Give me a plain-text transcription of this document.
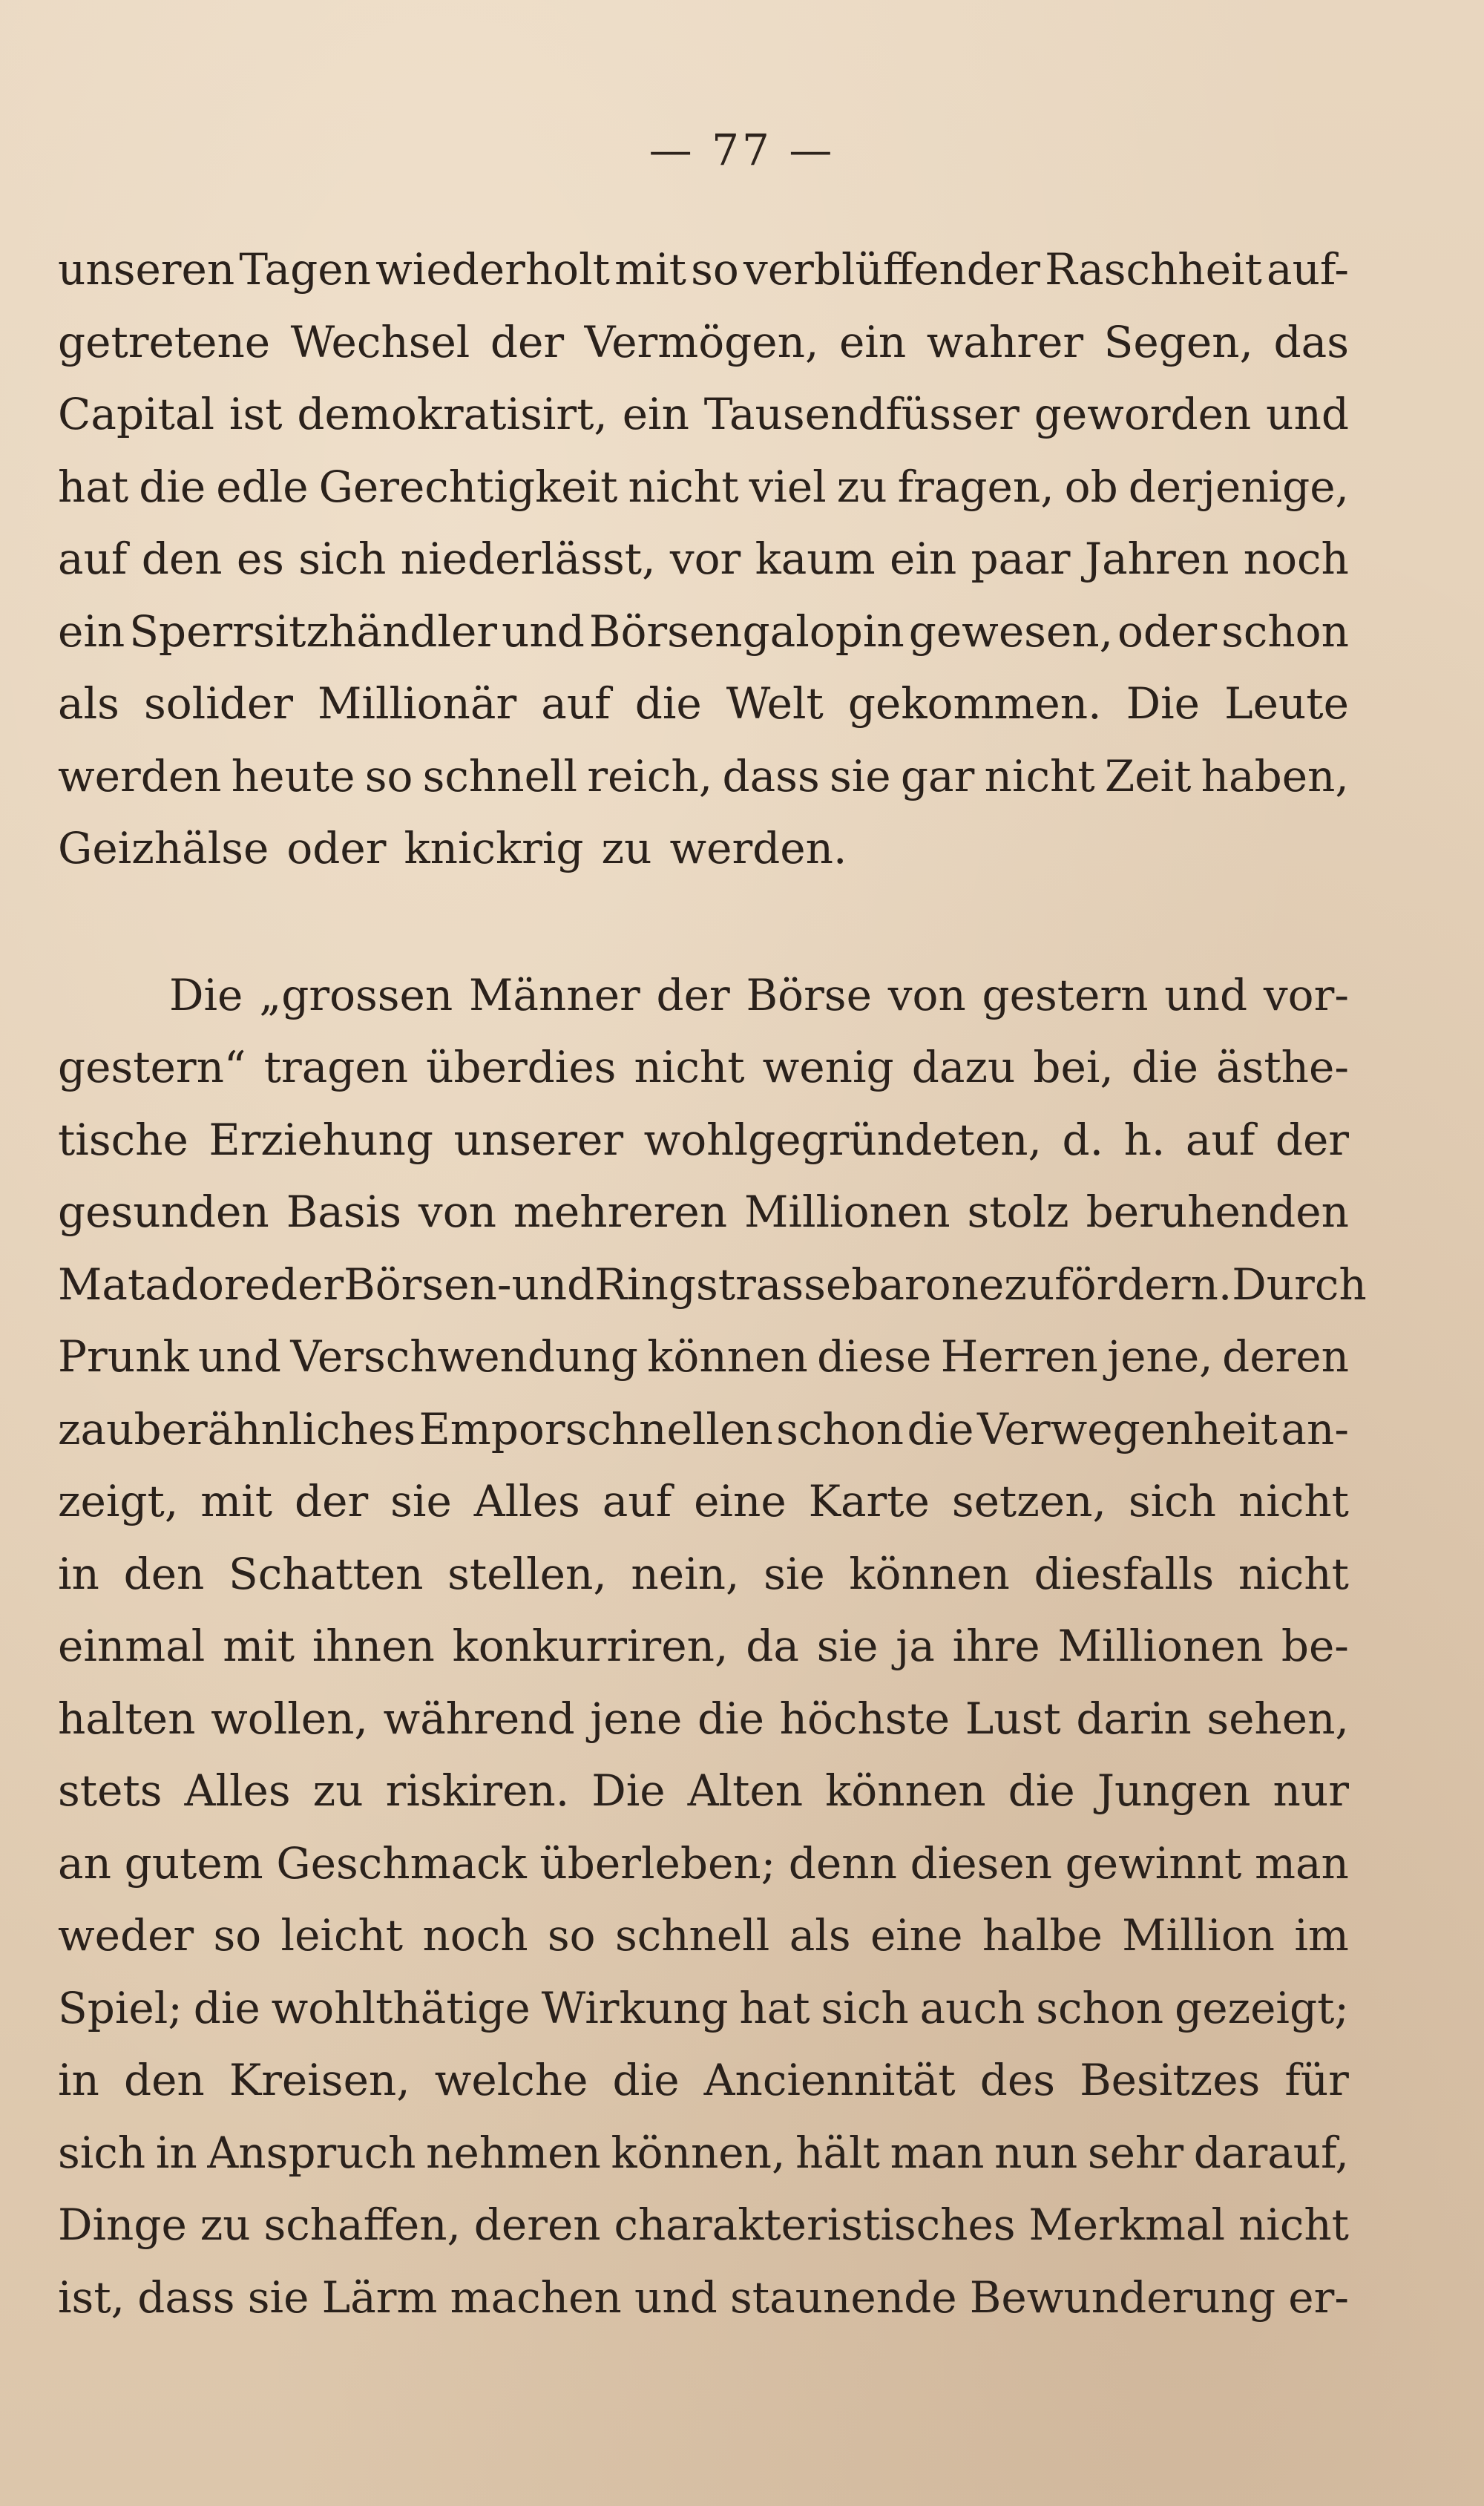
— 77 —
unseren Tagen wiederholt mit so verblüffender Raschheit auf-
getretene Wechsel der Vermögen, ein wahrer Segen, das
Capital ist demokratisirt, ein Tausendfüsser geworden und
hat die edle Gerechtigkeit nicht viel zu fragen, ob derjenige,
auf den es sich niederlässt, vor kaum ein paar Jahren noch
ein Sperrsitzhändler und Börsengalopin gewesen, oder schon
als solider Millionär auf die Welt gekommen. Die Leute
werden heute so schnell reich, dass sie gar nicht Zeit haben,
Geizhälse oder knickrig zu werden.
Die „grossen Männer der Börse von gestern und vor-
gestern“ tragen überdies nicht wenig dazu bei, die ästhe-
tische Erziehung unserer wohlgegründeten, d. h. auf der
gesunden Basis von mehreren Millionen stolz beruhenden
Matadore der Börsen- und Ringstrassebarone zu fördern. Durch
Prunk und Verschwendung können diese Herren jene, deren
zauberähnliches Emporschnellen schon die Verwegenheit an-
zeigt, mit der sie Alles auf eine Karte setzen, sich nicht
in den Schatten stellen, nein, sie können diesfalls nicht
einmal mit ihnen konkurriren, da sie ja ihre Millionen be-
halten wollen, während jene die höchste Lust darin sehen,
stets Alles zu riskiren. Die Alten können die Jungen nur
an gutem Geschmack überleben; denn diesen gewinnt man
weder so leicht noch so schnell als eine halbe Million im
Spiel; die wohlthätige Wirkung hat sich auch schon gezeigt;
in den Kreisen, welche die Anciennität des Besitzes für
sich in Anspruch nehmen können, hält man nun sehr darauf,
Dinge zu schaffen, deren charakteristisches Merkmal nicht
ist, dass sie Lärm machen und staunende Bewunderung er-
